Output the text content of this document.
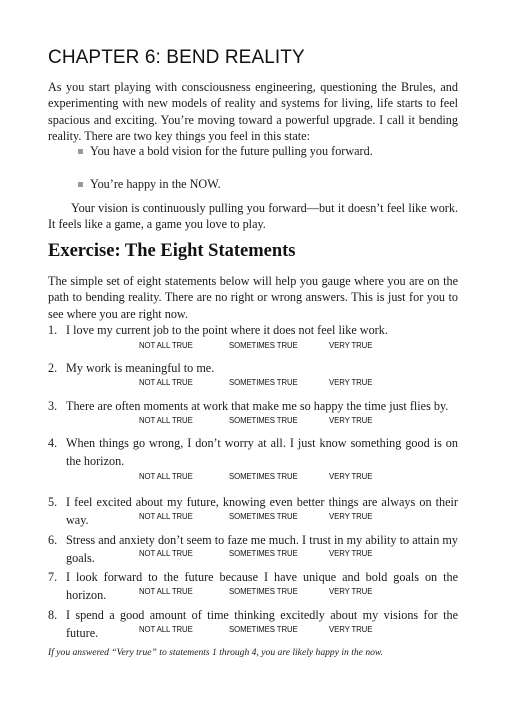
CHAPTER 6: BEND REALITY

As you start playing with consciousness engineering, questioning the Brules, and experimenting with new models of reality and systems for living, life starts to feel spacious and exciting. You’re moving toward a powerful upgrade. I call it bending reality. There are two key things you feel in this state:

You have a bold vision for the future pulling you forward.
You’re happy in the NOW.

Your vision is continuously pulling you forward—but it doesn’t feel like work. It feels like a game, a game you love to play.

Exercise: The Eight Statements

The simple set of eight statements below will help you gauge where you are on the path to bending reality. There are no right or wrong answers. This is just for you to see where you are right now.

1. I love my current job to the point where it does not feel like work.
NOT ALL TRUE	SOMETIMES TRUE	VERY TRUE
2. My work is meaningful to me.
NOT ALL TRUE	SOMETIMES TRUE	VERY TRUE
3. There are often moments at work that make me so happy the time just flies by.
NOT ALL TRUE	SOMETIMES TRUE	VERY TRUE
4. When things go wrong, I don’t worry at all. I just know something good is on the horizon.
NOT ALL TRUE	SOMETIMES TRUE	VERY TRUE
5. I feel excited about my future, knowing even better things are always on their way.	NOT ALL TRUE	SOMETIMES TRUE	VERY TRUE
6. Stress and anxiety don’t seem to faze me much. I trust in my ability to attain my goals.	NOT ALL TRUE	SOMETIMES TRUE	VERY TRUE
7. I look forward to the future because I have unique and bold goals on the horizon.	NOT ALL TRUE	SOMETIMES TRUE	VERY TRUE
8. I spend a good amount of time thinking excitedly about my visions for the future.	NOT ALL TRUE	SOMETIMES TRUE	VERY TRUE
If you answered “Very true” to statements 1 through 4, you are likely happy in the now.
